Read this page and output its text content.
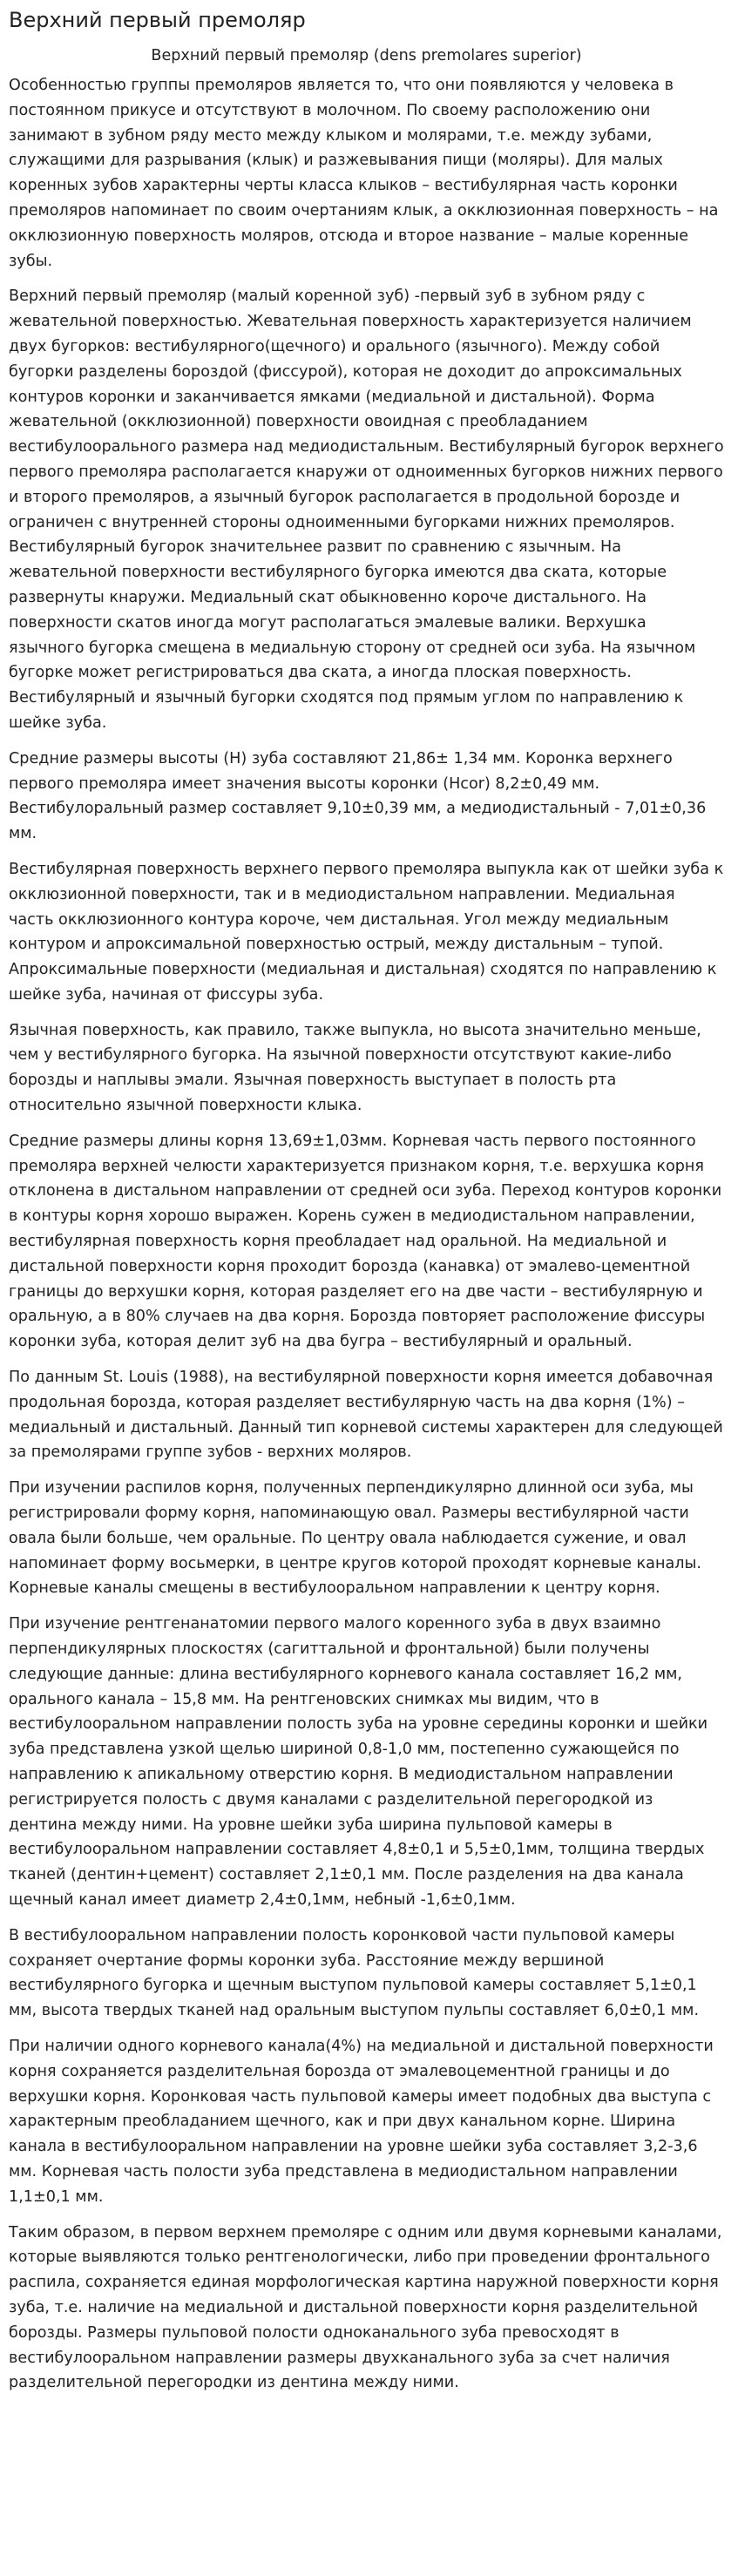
Верхний первый премоляр
Верхний первый премоляр (dens premolares superior)

Особенностью группы премоляров является то, что они появляются у человека в постоянном прикусе и отсутствуют в молочном. По своему расположению они занимают в зубном ряду место между клыком и молярами, т.е. между зубами, служащими для разрывания (клык) и разжевывания пищи (моляры). Для малых коренных зубов характерны черты класса клыков – вестибулярная часть коронки премоляров напоминает по своим очертаниям клык, а окклюзионная поверхность – на окклюзионную поверхность моляров, отсюда и второе название – малые коренные зубы.

Верхний первый премоляр (малый коренной зуб) -первый зуб в зубном ряду с жевательной поверхностью. Жевательная поверхность характеризуется наличием двух бугорков: вестибулярного(щечного) и орального (язычного). Между собой бугорки разделены бороздой (фиссурой), которая не доходит до апроксимальных контуров коронки и заканчивается ямками (медиальной и дистальной). Форма жевательной (окклюзионной) поверхности овоидная с преобладанием вестибулоорального размера над медиодистальным. Вестибулярный бугорок верхнего первого премоляра располагается кнаружи от одноименных бугорков нижних первого и второго премоляров, а язычный бугорок располагается в продольной борозде и ограничен с внутренней стороны одноименными бугорками нижних премоляров. Вестибулярный бугорок значительнее развит по сравнению с язычным. На жевательной поверхности вестибулярного бугорка имеются два ската, которые развернуты кнаружи. Медиальный скат обыкновенно короче дистального. На поверхности скатов иногда могут располагаться эмалевые валики. Верхушка язычного бугорка смещена в медиальную сторону от средней оси зуба. На язычном бугорке может регистрироваться два ската, а иногда плоская поверхность. Вестибулярный и язычный бугорки сходятся под прямым углом по направлению к шейке зуба.

Средние размеры высоты (Н) зуба составляют 21,86± 1,34 мм. Коронка верхнего первого премоляра имеет значения высоты коронки (Hcor) 8,2±0,49 мм. Вестибулоральный размер составляет 9,10±0,39 мм, а медиодистальный - 7,01±0,36 мм.

Вестибулярная поверхность верхнего первого премоляра выпукла как от шейки зуба к окклюзионной поверхности, так и в медиодистальном направлении. Медиальная часть окклюзионного контура короче, чем дистальная. Угол между медиальным контуром и апроксимальной поверхностью острый, между дистальным – тупой. Апроксимальные поверхности (медиальная и дистальная) сходятся по направлению к шейке зуба, начиная от фиссуры зуба.

Язычная поверхность, как правило, также выпукла, но высота значительно меньше, чем у вестибулярного бугорка. На язычной поверхности отсутствуют какие-либо борозды и наплывы эмали. Язычная поверхность выступает в полость рта относительно язычной поверхности клыка.

Средние размеры длины корня 13,69±1,03мм. Корневая часть первого постоянного премоляра верхней челюсти характеризуется признаком корня, т.е. верхушка корня отклонена в дистальном направлении от средней оси зуба. Переход контуров коронки в контуры корня хорошо выражен. Корень сужен в медиодистальном направлении, вестибулярная поверхность корня преобладает над оральной. На медиальной и дистальной поверхности корня проходит борозда (канавка) от эмалево-цементной границы до верхушки корня, которая разделяет его на две части – вестибулярную и оральную, а в 80% случаев на два корня. Борозда повторяет расположение фиссуры коронки зуба, которая делит зуб на два бугра – вестибулярный и оральный.

По данным St. Louis (1988), на вестибулярной поверхности корня имеется добавочная продольная борозда, которая разделяет вестибулярную часть на два корня (1%) – медиальный и дистальный. Данный тип корневой системы характерен для следующей за премолярами группе зубов - верхних моляров.

При изучении распилов корня, полученных перпендикулярно длинной оси зуба, мы регистрировали форму корня, напоминающую овал. Размеры вестибулярной части овала были больше, чем оральные. По центру овала наблюдается сужение, и овал напоминает форму восьмерки, в центре кругов которой проходят корневые каналы. Корневые каналы смещены в вестибулооральном направлении к центру корня.

При изучение рентгенанатомии первого малого коренного зуба в двух взаимно перпендикулярных плоскостях (сагиттальной и фронтальной) были получены следующие данные: длина вестибулярного корневого канала составляет 16,2 мм, орального канала – 15,8 мм. На рентгеновских снимках мы видим, что в вестибулооральном направлении полость зуба на уровне середины коронки и шейки зуба представлена узкой щелью шириной 0,8-1,0 мм, постепенно сужающейся по направлению к апикальному отверстию корня. В медиодистальном направлении регистрируется полость с двумя каналами с разделительной перегородкой из дентина между ними. На уровне шейки зуба ширина пульповой камеры в вестибулооральном направлении составляет 4,8±0,1 и 5,5±0,1мм, толщина твердых тканей (дентин+цемент) составляет 2,1±0,1 мм. После разделения на два канала щечный канал имеет диаметр 2,4±0,1мм, небный -1,6±0,1мм.

В вестибулооральном направлении полость коронковой части пульповой камеры сохраняет очертание формы коронки зуба. Расстояние между вершиной вестибулярного бугорка и щечным выступом пульповой камеры составляет 5,1±0,1 мм, высота твердых тканей над оральным выступом пульпы составляет 6,0±0,1 мм.

При наличии одного корневого канала(4%) на медиальной и дистальной поверхности корня сохраняется разделительная борозда от эмалевоцементной границы и до верхушки корня. Коронковая часть пульповой камеры имеет подобных два выступа с характерным преобладанием щечного, как и при двух канальном корне. Ширина канала в вестибулооральном направлении на уровне шейки зуба составляет 3,2-3,6 мм. Корневая часть полости зуба представлена в медиодистальном направлении 1,1±0,1 мм.

Таким образом, в первом верхнем премоляре с одним или двумя корневыми каналами, которые выявляются только рентгенологически, либо при проведении фронтального распила, сохраняется единая морфологическая картина наружной поверхности корня зуба, т.е. наличие на медиальной и дистальной поверхности корня разделительной борозды. Размеры пульповой полости одноканального зуба превосходят в вестибулооральном направлении размеры двухканального зуба за счет наличия разделительной перегородки из дентина между ними.
